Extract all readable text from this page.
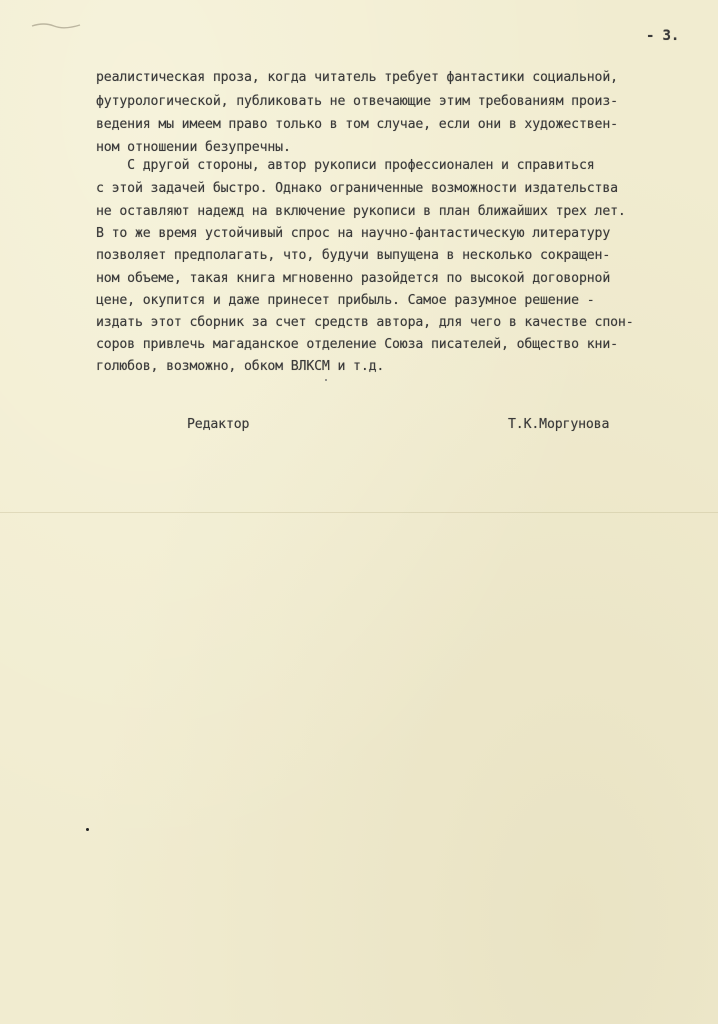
- 3.
реалистическая проза, когда читатель требует фантастики социальной,
футурологической, публиковать не отвечающие этим требованиям произ-
ведения мы имеем право только в том случае, если они в художествен-
ном отношении безупречны.
С другой стороны, автор рукописи профессионален и справиться
с этой задачей быстро. Однако ограниченные возможности издательства
не оставляют надежд на включение рукописи в план ближайших трех лет.
В то же время устойчивый спрос на научно-фантастическую литературу
позволяет предполагать, что, будучи выпущена в несколько сокращен-
ном объеме, такая книга мгновенно разойдется по высокой договорной
цене, окупится и даже принесет прибыль. Самое разумное решение -
издать этот сборник за счет средств автора, для чего в качестве спон-
соров привлечь магаданское отделение Союза писателей, общество кни-
голюбов, возможно, обком ВЛКСМ и т.д.
Редактор	Т.К.Моргунова
